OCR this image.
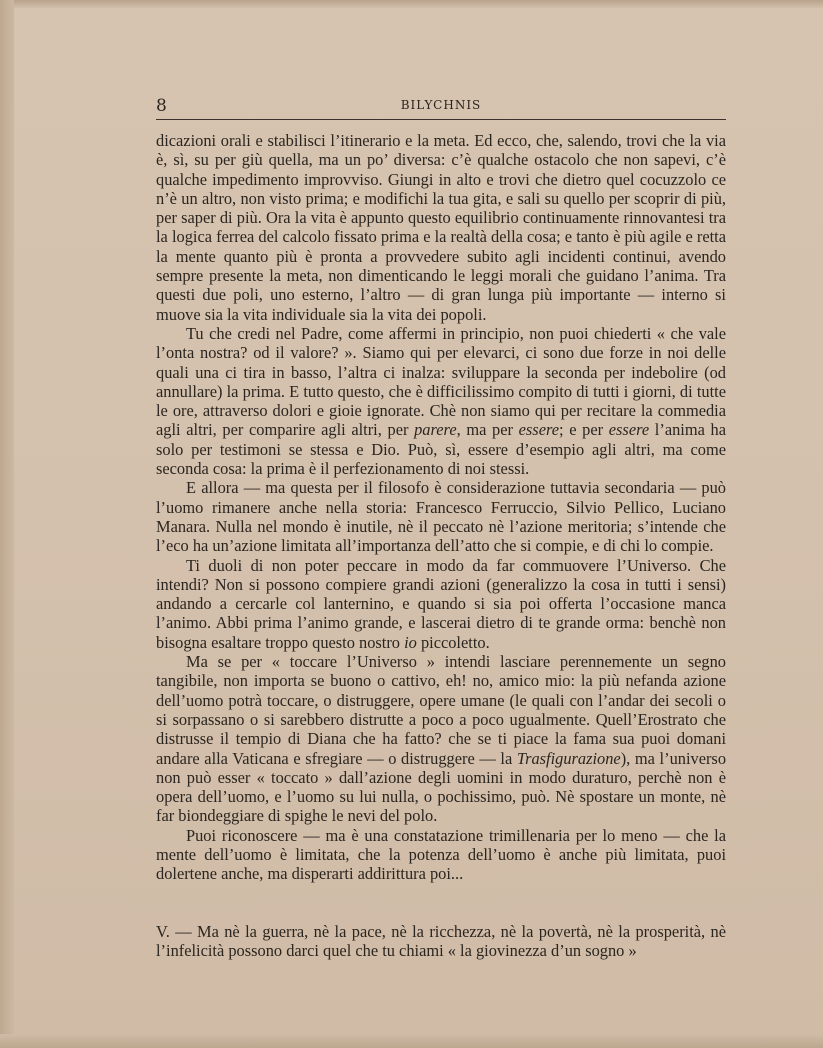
8	BILYCHNIS

dicazioni orali e stabilisci l’itinerario e la meta. Ed ecco, che, salendo, trovi che la via è, sì, su per giù quella, ma un po’ diversa: c’è qualche ostacolo che non sapevi, c’è qualche impedimento improvviso. Giungi in alto e trovi che dietro quel cocuzzolo ce n’è un altro, non visto prima; e modifichi la tua gita, e sali su quello per scoprir di più, per saper di più. Ora la vita è appunto questo equilibrio continuamente rinnovantesi tra la logica ferrea del calcolo fissato prima e la realtà della cosa; e tanto è più agile e retta la mente quanto più è pronta a provvedere subito agli incidenti continui, avendo sempre presente la meta, non dimenticando le leggi morali che guidano l’anima. Tra questi due poli, uno esterno, l’altro — di gran lunga più importante — interno si muove sia la vita individuale sia la vita dei popoli.

Tu che credi nel Padre, come affermi in principio, non puoi chiederti « che vale l’onta nostra? od il valore? ». Siamo qui per elevarci, ci sono due forze in noi delle quali una ci tira in basso, l’altra ci inalza: sviluppare la seconda per indebolire (od annullare) la prima. E tutto questo, che è difficilissimo compito di tutti i giorni, di tutte le ore, attraverso dolori e gioie ignorate. Chè non siamo qui per recitare la commedia agli altri, per comparire agli altri, per parere, ma per essere; e per essere l’anima ha solo per testimoni se stessa e Dio. Può, sì, essere d’esempio agli altri, ma come seconda cosa: la prima è il perfezionamento di noi stessi.

E allora — ma questa per il filosofo è considerazione tuttavia secondaria — può l’uomo rimanere anche nella storia: Francesco Ferruccio, Silvio Pellico, Luciano Manara. Nulla nel mondo è inutile, nè il peccato nè l’azione meritoria; s’intende che l’eco ha un’azione limitata all’importanza dell’atto che si compie, e di chi lo compie.

Ti duoli di non poter peccare in modo da far commuovere l’Universo. Che intendi? Non si possono compiere grandi azioni (generalizzo la cosa in tutti i sensi) andando a cercarle col lanternino, e quando si sia poi offerta l’occasione manca l’animo. Abbi prima l’animo grande, e lascerai dietro di te grande orma: benchè non bisogna esaltare troppo questo nostro io piccoletto.

Ma se per « toccare l’Universo » intendi lasciare perennemente un segno tangibile, non importa se buono o cattivo, eh! no, amico mio: la più nefanda azione dell’uomo potrà toccare, o distruggere, opere umane (le quali con l’andar dei secoli o si sorpassano o si sarebbero distrutte a poco a poco ugualmente. Quell’Erostrato che distrusse il tempio di Diana che ha fatto? che se ti piace la fama sua puoi domani andare alla Vaticana e sfregiare — o distruggere — la Trasfigurazione), ma l’universo non può esser « toccato » dall’azione degli uomini in modo duraturo, perchè non è opera dell’uomo, e l’uomo su lui nulla, o pochissimo, può. Nè spostare un monte, nè far biondeggiare di spighe le nevi del polo.

Puoi riconoscere — ma è una constatazione trimillenaria per lo meno — che la mente dell’uomo è limitata, che la potenza dell’uomo è anche più limitata, puoi dolertene anche, ma disperarti addirittura poi...

V. — Ma nè la guerra, nè la pace, nè la ricchezza, nè la povertà, nè la prosperità, nè l’infelicità possono darci quel che tu chiami « la giovinezza d’un sogno »
